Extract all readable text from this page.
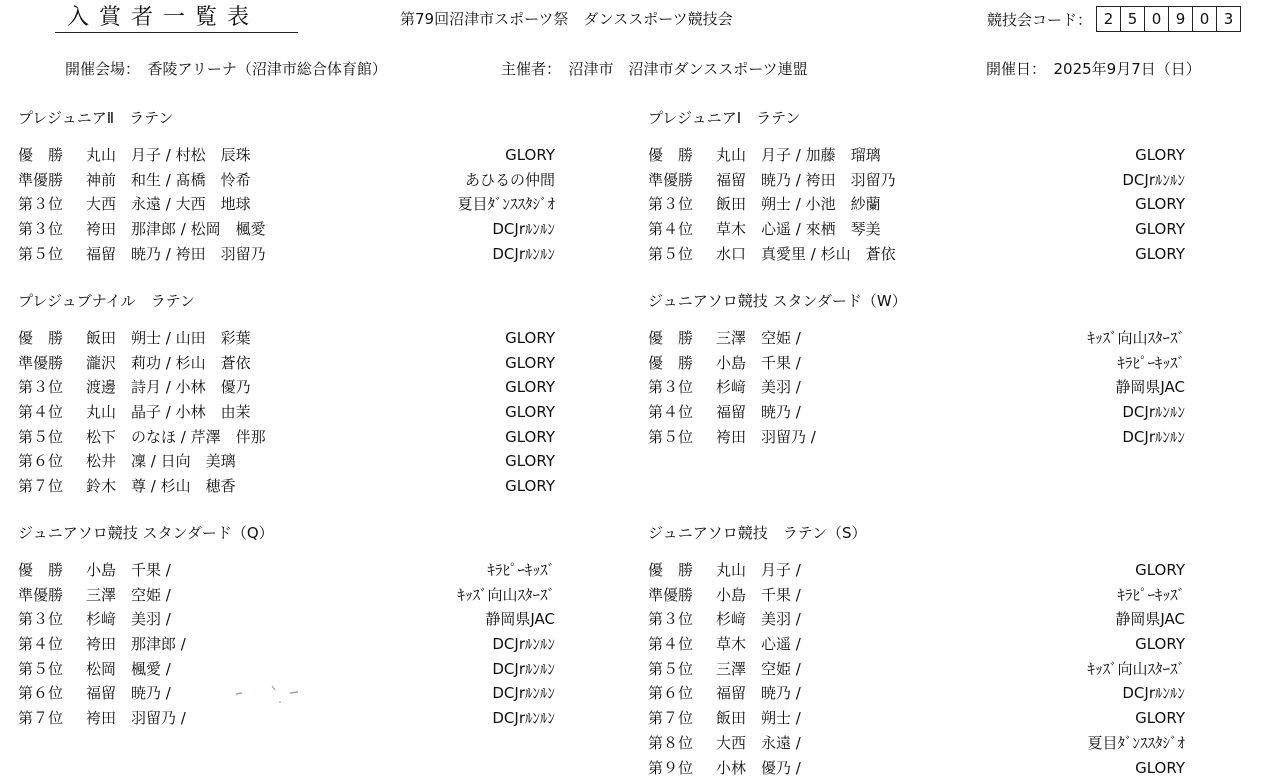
入賞者一覧表	第79回沼津市スポーツ祭　ダンススポーツ競技会	競技会コード： 2 5 0 9 0 3
開催会場：　香陵アリーナ（沼津市総合体育館）	主催者：　沼津市　沼津市ダンススポーツ連盟	開催日：　2025年9月7日（日）
プレジュニアⅡ　ラテン
優　勝 丸山　月子 / 村松　辰珠	GLORY
準優勝 神前　和生 / 髙橋　怜希	あひるの仲間
第３位 大西　永遠 / 大西　地球	夏目ﾀﾞﾝｽｽﾀｼﾞｵ
第３位 袴田　那津郎 / 松岡　楓愛	DCJrﾙﾝﾙﾝ
第５位 福留　暁乃 / 袴田　羽留乃	DCJrﾙﾝﾙﾝ
プレジュニアⅠ　ラテン
優　勝 丸山　月子 / 加藤　瑠璃	GLORY
準優勝 福留　暁乃 / 袴田　羽留乃	DCJrﾙﾝﾙﾝ
第３位 飯田　朔士 / 小池　紗蘭	GLORY
第４位 草木　心遥 / 來栖　琴美	GLORY
第５位 水口　真愛里 / 杉山　蒼依	GLORY
プレジュブナイル　ラテン
優　勝 飯田　朔士 / 山田　彩葉	GLORY
準優勝 瀧沢　莉功 / 杉山　蒼依	GLORY
第３位 渡邊　詩月 / 小林　優乃	GLORY
第４位 丸山　晶子 / 小林　由茉	GLORY
第５位 松下　のなほ / 芹澤　伴那	GLORY
第６位 松井　凜 / 日向　美璃	GLORY
第７位 鈴木　尊 / 杉山　穂香	GLORY
ジュニアソロ競技 スタンダード（W）
優　勝 三澤　空姫 /	ｷｯｽﾞ向山ｽﾀｰｽﾞ
優　勝 小島　千果 /	ｷﾗﾋﾟｰｷｯｽﾞ
第３位 杉﨑　美羽 /	静岡県JAC
第４位 福留　暁乃 /	DCJrﾙﾝﾙﾝ
第５位 袴田　羽留乃 /	DCJrﾙﾝﾙﾝ
ジュニアソロ競技 スタンダード（Q）
優　勝 小島　千果 /	ｷﾗﾋﾟｰｷｯｽﾞ
準優勝 三澤　空姫 /	ｷｯｽﾞ向山ｽﾀｰｽﾞ
第３位 杉﨑　美羽 /	静岡県JAC
第４位 袴田　那津郎 /	DCJrﾙﾝﾙﾝ
第５位 松岡　楓愛 /	DCJrﾙﾝﾙﾝ
第６位 福留　暁乃 /	DCJrﾙﾝﾙﾝ
第７位 袴田　羽留乃 /	DCJrﾙﾝﾙﾝ
ジュニアソロ競技　ラテン（S）
優　勝 丸山　月子 /	GLORY
準優勝 小島　千果 /	ｷﾗﾋﾟｰｷｯｽﾞ
第３位 杉﨑　美羽 /	静岡県JAC
第４位 草木　心遥 /	GLORY
第５位 三澤　空姫 /	ｷｯｽﾞ向山ｽﾀｰｽﾞ
第６位 福留　暁乃 /	DCJrﾙﾝﾙﾝ
第７位 飯田　朔士 /	GLORY
第８位 大西　永遠 /	夏目ﾀﾞﾝｽｽﾀｼﾞｵ
第９位 小林　優乃 /	GLORY
